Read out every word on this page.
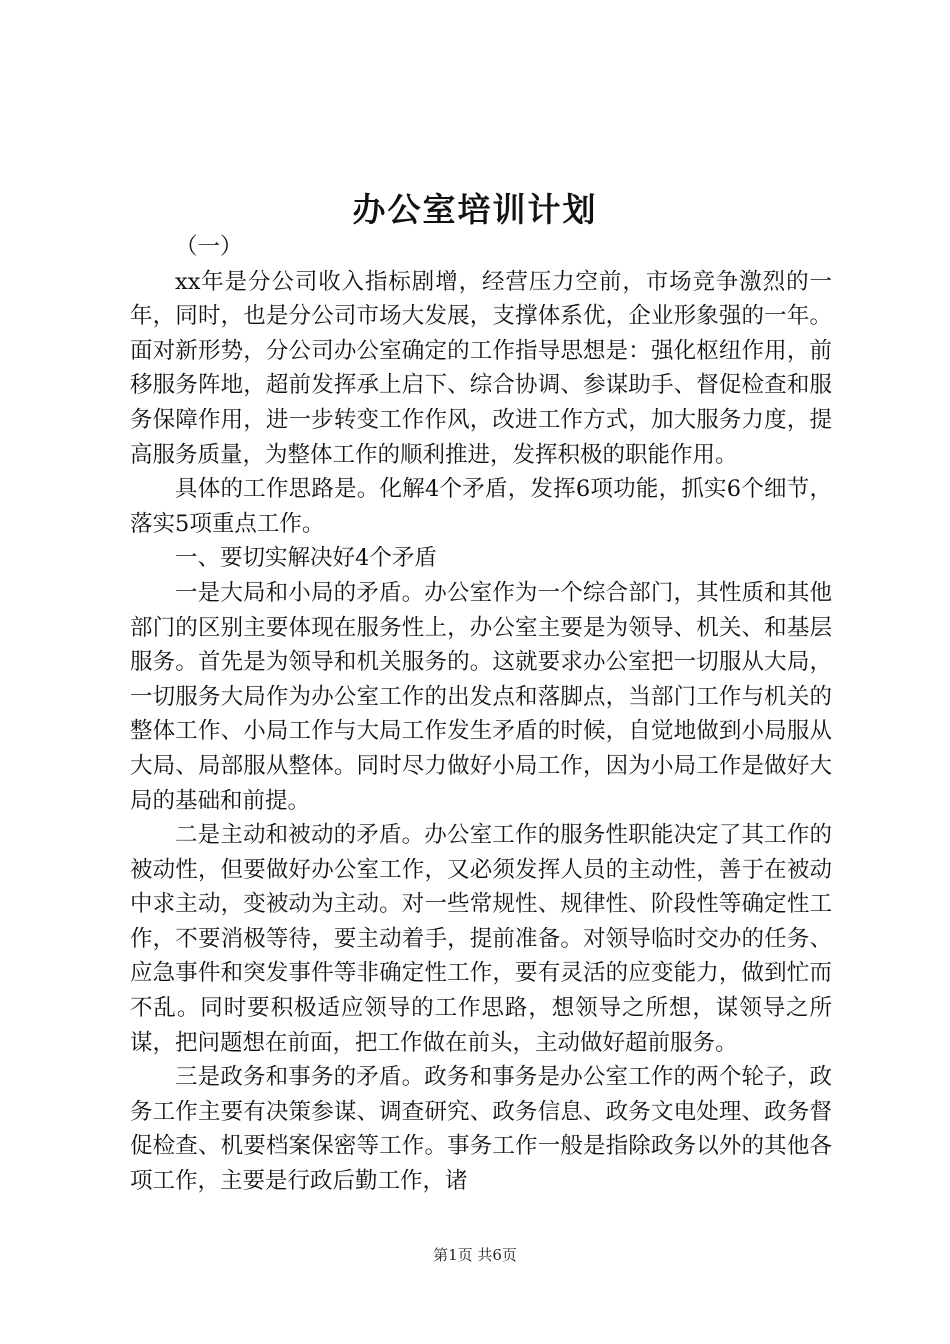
办公室培训计划

（一）

xx年是分公司收入指标剧增，经营压力空前，市场竞争激烈的一年，同时，也是分公司市场大发展，支撑体系优，企业形象强的一年。面对新形势，分公司办公室确定的工作指导思想是：强化枢纽作用，前移服务阵地，超前发挥承上启下、综合协调、参谋助手、督促检查和服务保障作用，进一步转变工作作风，改进工作方式，加大服务力度，提高服务质量，为整体工作的顺利推进，发挥积极的职能作用。

具体的工作思路是。化解4个矛盾，发挥6项功能，抓实6个细节，落实5项重点工作。

一、要切实解决好4个矛盾

一是大局和小局的矛盾。办公室作为一个综合部门，其性质和其他部门的区别主要体现在服务性上，办公室主要是为领导、机关、和基层服务。首先是为领导和机关服务的。这就要求办公室把一切服从大局，一切服务大局作为办公室工作的出发点和落脚点，当部门工作与机关的整体工作、小局工作与大局工作发生矛盾的时候，自觉地做到小局服从大局、局部服从整体。同时尽力做好小局工作，因为小局工作是做好大局的基础和前提。

二是主动和被动的矛盾。办公室工作的服务性职能决定了其工作的被动性，但要做好办公室工作，又必须发挥人员的主动性，善于在被动中求主动，变被动为主动。对一些常规性、规律性、阶段性等确定性工作，不要消极等待，要主动着手，提前准备。对领导临时交办的任务、应急事件和突发事件等非确定性工作，要有灵活的应变能力，做到忙而不乱。同时要积极适应领导的工作思路，想领导之所想，谋领导之所谋，把问题想在前面，把工作做在前头，主动做好超前服务。

三是政务和事务的矛盾。政务和事务是办公室工作的两个轮子，政务工作主要有决策参谋、调查研究、政务信息、政务文电处理、政务督促检查、机要档案保密等工作。事务工作一般是指除政务以外的其他各项工作，主要是行政后勤工作，诸

第1页 共6页
